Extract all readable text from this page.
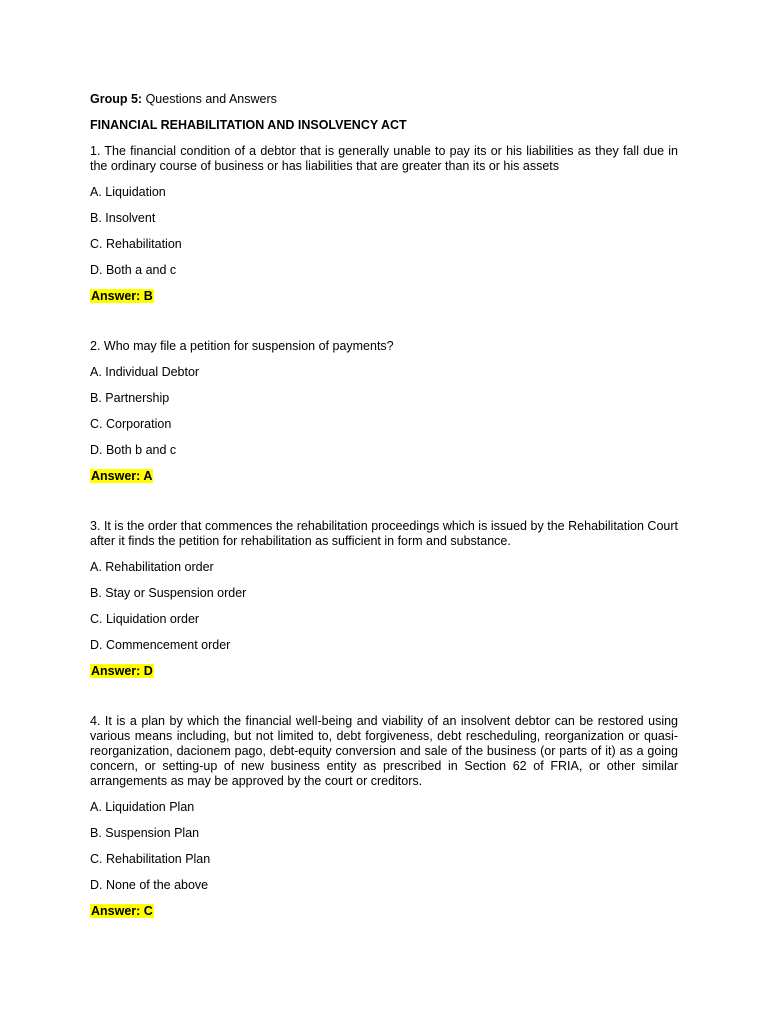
Group 5: Questions and Answers

FINANCIAL REHABILITATION AND INSOLVENCY ACT

1. The financial condition of a debtor that is generally unable to pay its or his liabilities as they fall due in the ordinary course of business or has liabilities that are greater than its or his assets

A. Liquidation

B. Insolvent

C. Rehabilitation

D. Both a and c

Answer: B

2. Who may file a petition for suspension of payments?

A. Individual Debtor

B. Partnership

C. Corporation

D. Both b and c

Answer: A

3. It is the order that commences the rehabilitation proceedings which is issued by the Rehabilitation Court after it finds the petition for rehabilitation as sufficient in form and substance.

A. Rehabilitation order

B. Stay or Suspension order

C. Liquidation order

D. Commencement order

Answer: D

4. It is a plan by which the financial well-being and viability of an insolvent debtor can be restored using various means including, but not limited to, debt forgiveness, debt rescheduling, reorganization or quasi-reorganization, dacionem pago, debt-equity conversion and sale of the business (or parts of it) as a going concern, or setting-up of new business entity as prescribed in Section 62 of FRIA, or other similar arrangements as may be approved by the court or creditors.

A. Liquidation Plan

B. Suspension Plan

C. Rehabilitation Plan

D. None of the above

Answer: C
